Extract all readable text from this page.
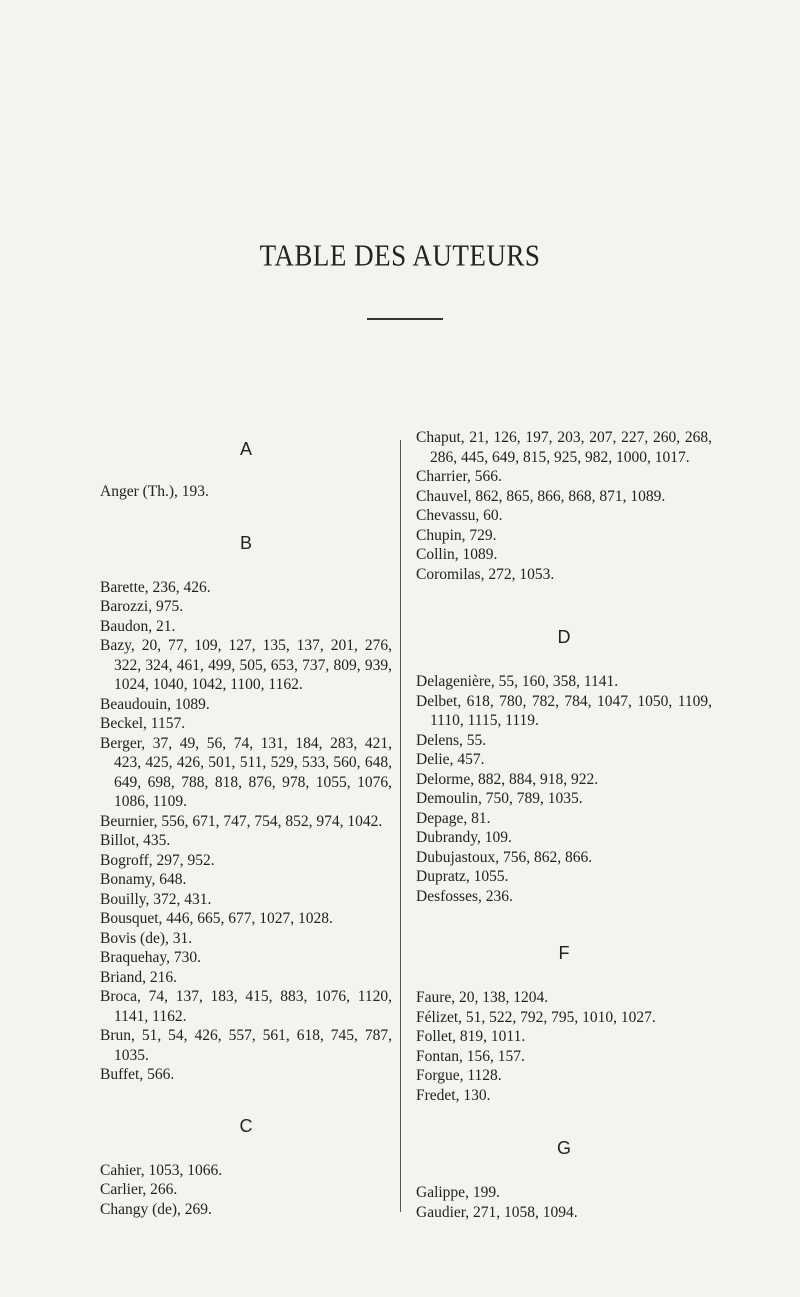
TABLE DES AUTEURS
A
Anger (Th.), 193.
B
Barette, 236, 426.
Barozzi, 975.
Baudon, 21.
Bazy, 20, 77, 109, 127, 135, 137, 201, 276, 322, 324, 461, 499, 505, 653, 737, 809, 939, 1024, 1040, 1042, 1100, 1162.
Beaudouin, 1089.
Beckel, 1157.
Berger, 37, 49, 56, 74, 131, 184, 283, 421, 423, 425, 426, 501, 511, 529, 533, 560, 648, 649, 698, 788, 818, 876, 978, 1055, 1076, 1086, 1109.
Beurnier, 556, 671, 747, 754, 852, 974, 1042.
Billot, 435.
Bogroff, 297, 952.
Bonamy, 648.
Bouilly, 372, 431.
Bousquet, 446, 665, 677, 1027, 1028.
Bovis (de), 31.
Braquehay, 730.
Briand, 216.
Broca, 74, 137, 183, 415, 883, 1076, 1120, 1141, 1162.
Brun, 51, 54, 426, 557, 561, 618, 745, 787, 1035.
Buffet, 566.
C
Cahier, 1053, 1066.
Carlier, 266.
Changy (de), 269.
Chaput, 21, 126, 197, 203, 207, 227, 260, 268, 286, 445, 649, 815, 925, 982, 1000, 1017.
Charrier, 566.
Chauvel, 862, 865, 866, 868, 871, 1089.
Chevassu, 60.
Chupin, 729.
Collin, 1089.
Coromilas, 272, 1053.
D
Delagenière, 55, 160, 358, 1141.
Delbet, 618, 780, 782, 784, 1047, 1050, 1109, 1110, 1115, 1119.
Delens, 55.
Delie, 457.
Delorme, 882, 884, 918, 922.
Demoulin, 750, 789, 1035.
Depage, 81.
Dubrandy, 109.
Dubujastoux, 756, 862, 866.
Dupratz, 1055.
Desfosses, 236.
F
Faure, 20, 138, 1204.
Félizet, 51, 522, 792, 795, 1010, 1027.
Follet, 819, 1011.
Fontan, 156, 157.
Forgue, 1128.
Fredet, 130.
G
Galippe, 199.
Gaudier, 271, 1058, 1094.
